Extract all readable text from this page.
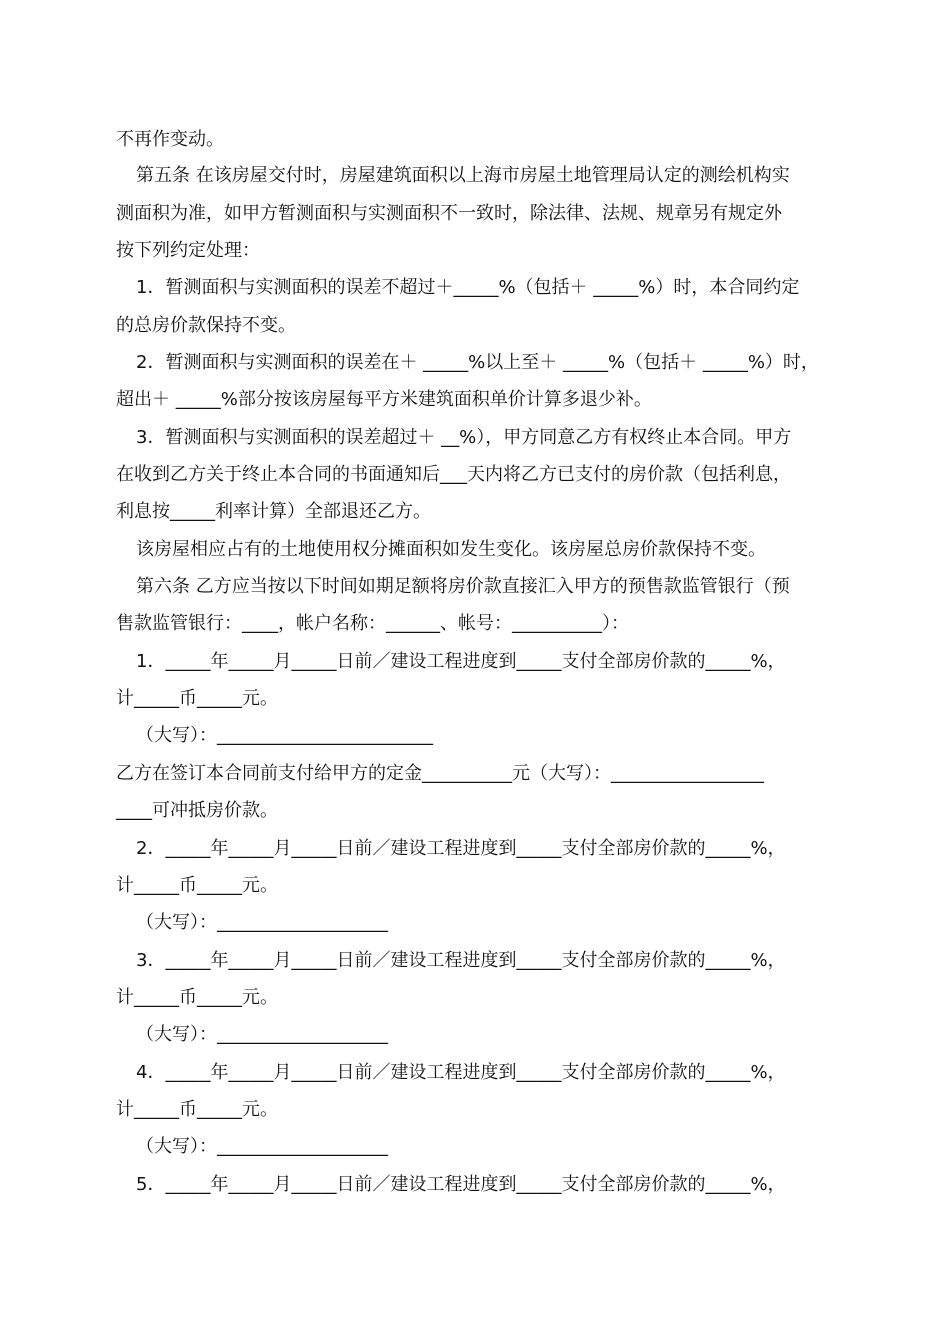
不再作变动。
第五条 在该房屋交付时，房屋建筑面积以上海市房屋土地管理局认定的测绘机构实
测面积为准，如甲方暂测面积与实测面积不一致时，除法律、法规、规章另有规定外
按下列约定处理：
1．暂测面积与实测面积的误差不超过＋_____%（包括＋ _____%）时，本合同约定
的总房价款保持不变。
2．暂测面积与实测面积的误差在＋ _____%以上至＋ _____%（包括＋ _____%）时，
超出＋ _____%部分按该房屋每平方米建筑面积单价计算多退少补。
3．暂测面积与实测面积的误差超过＋ __%），甲方同意乙方有权终止本合同。甲方
在收到乙方关于终止本合同的书面通知后___天内将乙方已支付的房价款（包括利息，
利息按_____利率计算）全部退还乙方。
该房屋相应占有的土地使用权分摊面积如发生变化。该房屋总房价款保持不变。
第六条 乙方应当按以下时间如期足额将房价款直接汇入甲方的预售款监管银行（预
售款监管银行：____，帐户名称：______、帐号：__________）：
1．_____年_____月_____日前／建设工程进度到_____支付全部房价款的_____%，
计_____币_____元。
（大写）：________________________
乙方在签订本合同前支付给甲方的定金__________元（大写）：_________________
____可冲抵房价款。
2．_____年_____月_____日前／建设工程进度到_____支付全部房价款的_____%，
计_____币_____元。
（大写）：___________________
3．_____年_____月_____日前／建设工程进度到_____支付全部房价款的_____%，
计_____币_____元。
（大写）：___________________
4．_____年_____月_____日前／建设工程进度到_____支付全部房价款的_____%，
计_____币_____元。
（大写）：___________________
5．_____年_____月_____日前／建设工程进度到_____支付全部房价款的_____%，
